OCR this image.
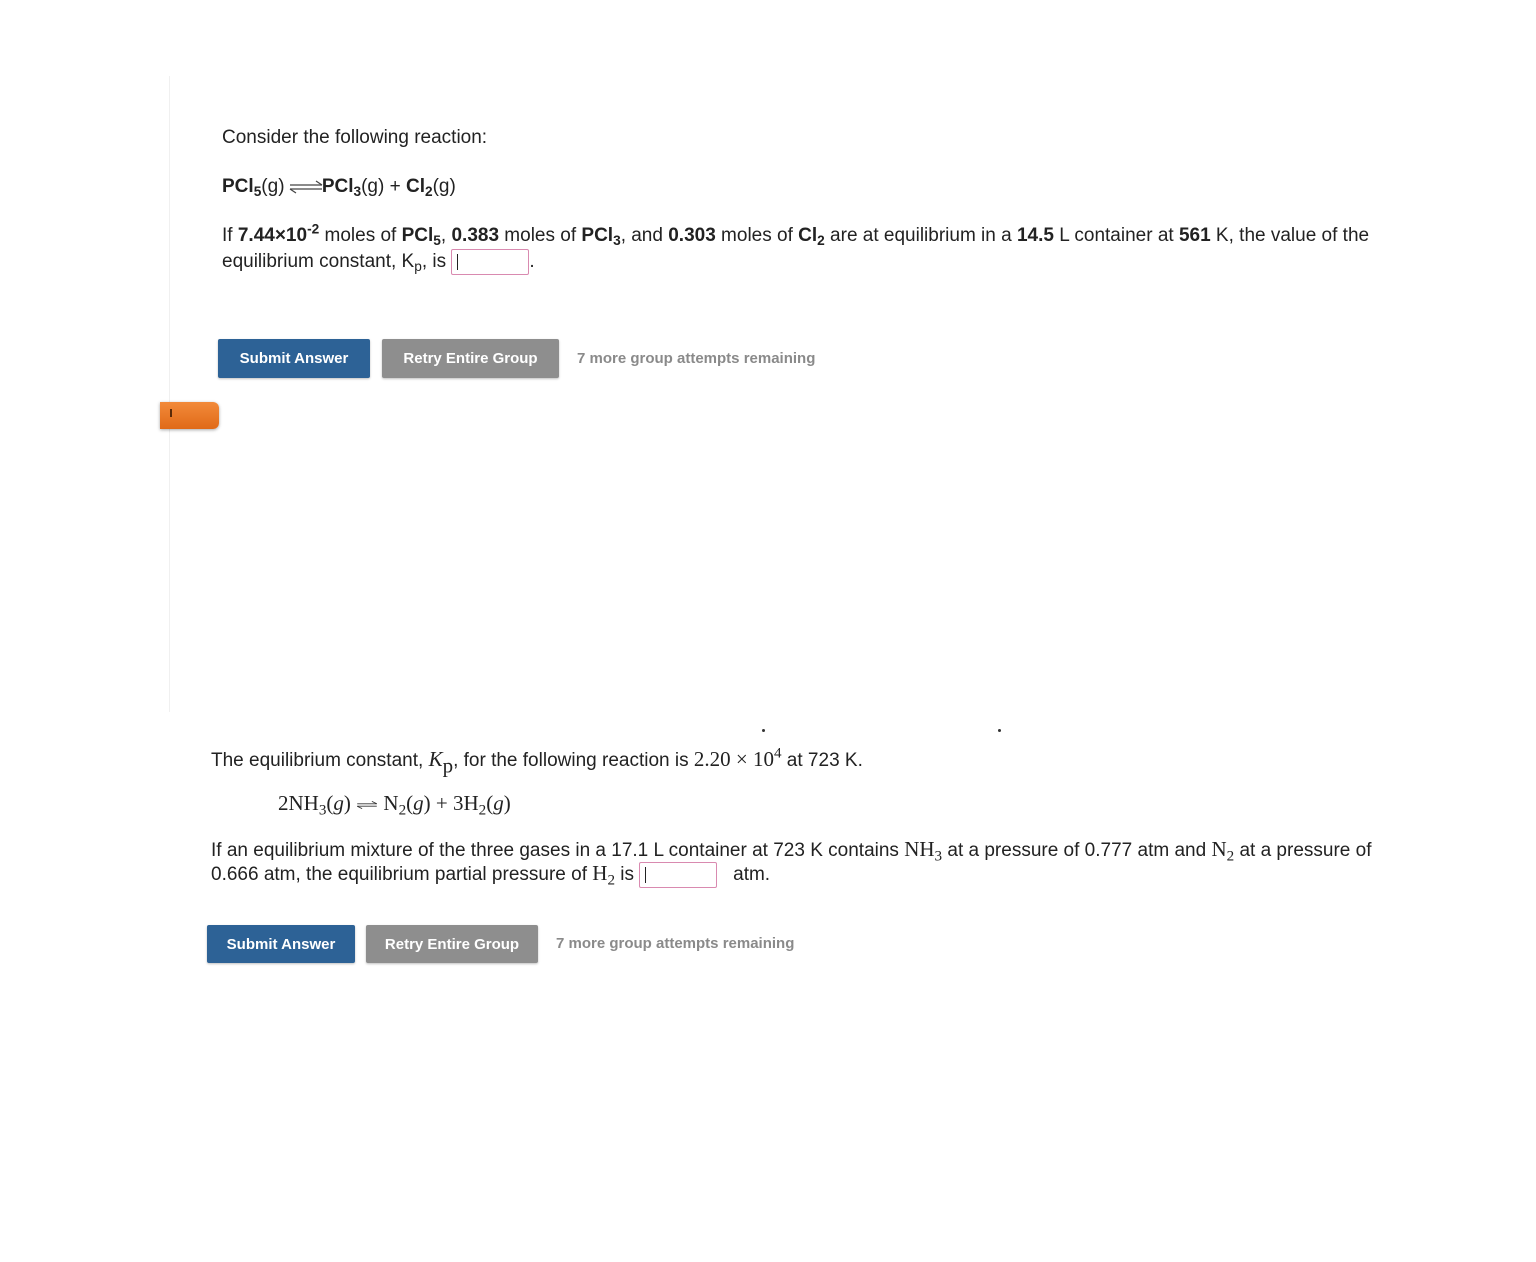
Consider the following reaction:
PCl$_5$(g) ⇌PCl$_3$(g) + $Cl_2(g)$
If $7.44\times 10^{-2}$ moles of PCl$_5$, 0.383 moles of PCl$_3$, and 0.303 moles of $Cl_2$ are at equilibrium in a 14.5 L container at 561 K, the value of the
equilibrium constant, $K_p$, is	.
Submit Answer	Retry Entire Group	7 more group attempts remaining
The equilibrium constant, $K_p$, for the following reaction is $2.20 \times 10^4$ at 723 K.
$2NH_3(g)$ ⇌ $N_2(g) + 3H_2(g)$
If an equilibrium mixture of the three gases in a 17.1 L container at 723 K contains $NH_3$ at a pressure of 0.777 atm and $N_2$ at a pressure of
0.666 atm, the equilibrium partial pressure of $H_2$ is	atm.
Submit Answer	Retry Entire Group	7 more group attempts remaining
